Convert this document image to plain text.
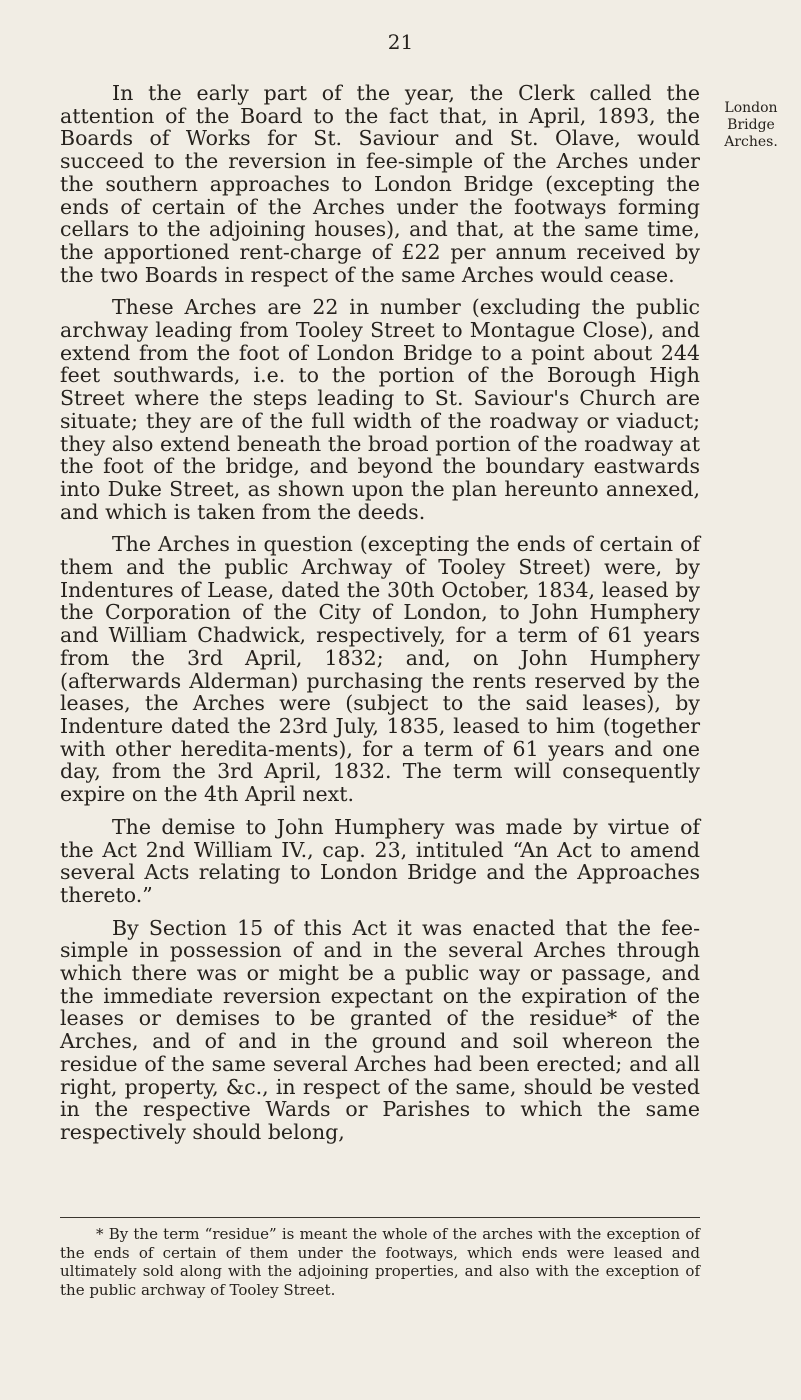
21

In the early part of the year, the Clerk called the attention of the Board to the fact that, in April, 1893, the Boards of Works for St. Saviour and St. Olave, would succeed to the reversion in fee-simple of the Arches under the southern approaches to London Bridge (excepting the ends of certain of the Arches under the footways forming cellars to the adjoining houses), and that, at the same time, the apportioned rent-charge of £22 per annum received by the two Boards in respect of the same Arches would cease.

These Arches are 22 in number (excluding the public archway leading from Tooley Street to Montague Close), and extend from the foot of London Bridge to a point about 244 feet southwards, i.e. to the portion of the Borough High Street where the steps leading to St. Saviour's Church are situate; they are of the full width of the roadway or viaduct; they also extend beneath the broad portion of the roadway at the foot of the bridge, and beyond the boundary eastwards into Duke Street, as shown upon the plan hereunto annexed, and which is taken from the deeds.

The Arches in question (excepting the ends of certain of them and the public Archway of Tooley Street) were, by Indentures of Lease, dated the 30th October, 1834, leased by the Corporation of the City of London, to John Humphery and William Chadwick, respectively, for a term of 61 years from the 3rd April, 1832; and, on John Humphery (afterwards Alderman) purchasing the rents reserved by the leases, the Arches were (subject to the said leases), by Indenture dated the 23rd July, 1835, leased to him (together with other heredita-ments), for a term of 61 years and one day, from the 3rd April, 1832. The term will consequently expire on the 4th April next.

The demise to John Humphery was made by virtue of the Act 2nd William IV., cap. 23, intituled “An Act to amend several Acts relating to London Bridge and the Approaches thereto.”

By Section 15 of this Act it was enacted that the fee-simple in possession of and in the several Arches through which there was or might be a public way or passage, and the immediate reversion expectant on the expiration of the leases or demises to be granted of the residue* of the Arches, and of and in the ground and soil whereon the residue of the same several Arches had been erected; and all right, property, &c., in respect of the same, should be vested in the respective Wards or Parishes to which the same respectively should belong,

London
Bridge
Arches.

* By the term “residue” is meant the whole of the arches with the exception of the ends of certain of them under the footways, which ends were leased and ultimately sold along with the adjoining properties, and also with the exception of the public archway of Tooley Street.
